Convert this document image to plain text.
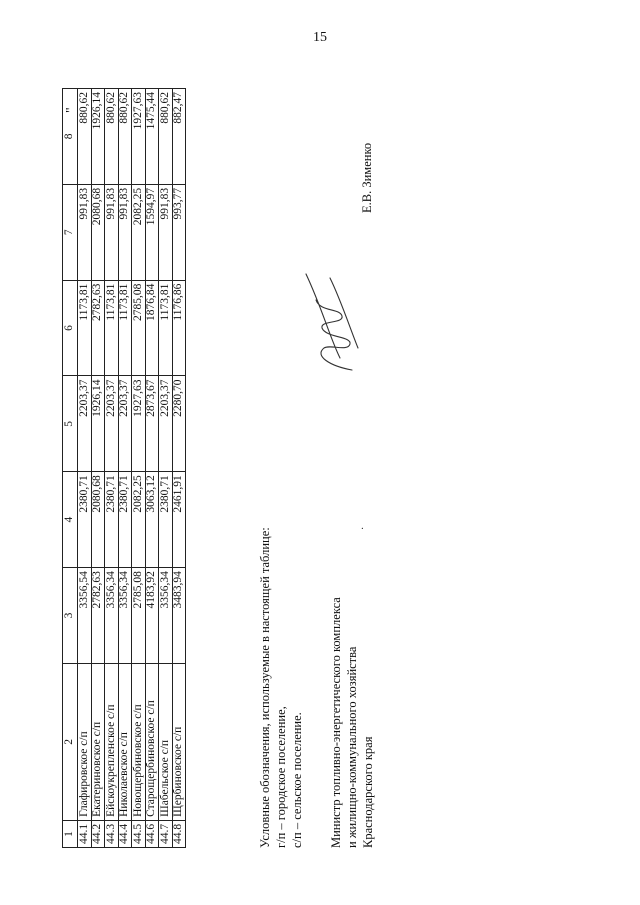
15
1	2	3	4	5	6	7	8
44.1	Глафировское с/п	3356,54	2380,71	2203,37	1173,81	991,83	880,62
44.2	Екатериновское с/п	2782,63	2080,68	1926,14	2782,63	2080,68	1926,14
44.3	Ейскоукрепленское с/п	3356,34	2380,71	2203,37	1173,81	991,83	880,62
44.4	Николаевское с/п	3356,34	2380,71	2203,37	1173,81	991,83	880,62
44.5	Новощербиновское с/п	2785,08	2082,25	1927,63	2785,08	2082,25	1927,63
44.6	Старощербиновское с/п	4183,92	3063,12	2873,67	1876,84	1594,97	1475,44
44.7	Шабельское с/п	3356,34	2380,71	2203,37	1173,81	991,83	880,62
44.8	Щербиновское с/п	3483,94	2461,91	2280,70	1176,86	993,77	882,47
"
Условные обозначения, используемые в настоящей таблице: г/п – городское поселение, с/п – сельское поселение. Министр топливно-энергетического комплекса и жилищно-коммунального хозяйства Краснодарского края
·
Е.В. Зименко
